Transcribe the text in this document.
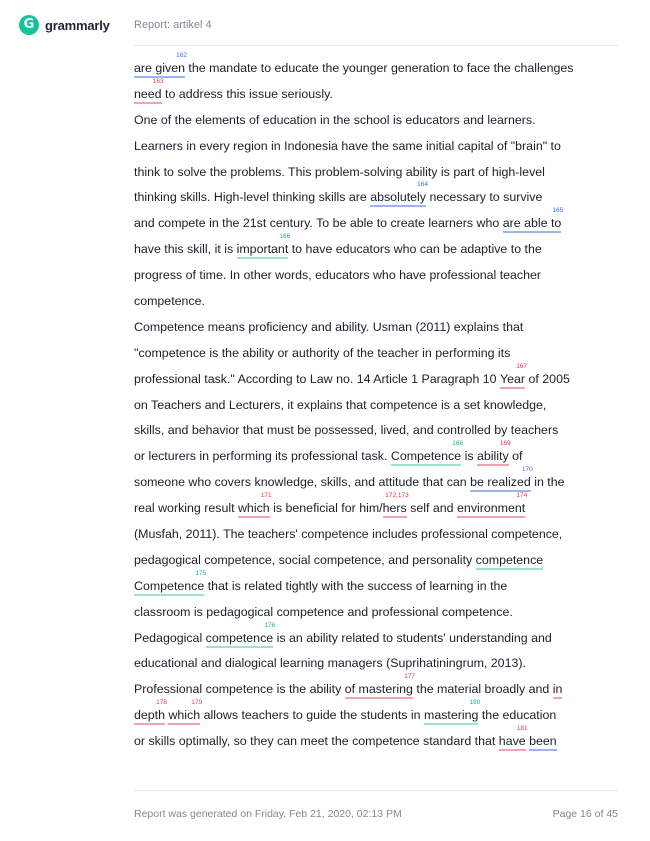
G
grammarly Report: artikel 4
are given
162
the mandate to educate the younger generation to face the challenges
need
163
to address this issue seriously.
One of the elements of education in the school is educators and learners.
Learners in every region in Indonesia have the same initial capital of "brain" to
think to solve the problems. This problem-solving ability is part of high-level
thinking skills. High-level thinking skills are absolutely
164
necessary to survive
and compete in the 21st century. To be able to create learners who are able to
165
have this skill, it is important
166
to have educators who can be adaptive to the
progress of time. In other words, educators who have professional teacher
competence.
Competence means proficiency and ability. Usman (2011) explains that
"competence is the ability or authority of the teacher in performing its
professional task." According to Law no. 14 Article 1 Paragraph 10 Year
167
of 2005
on Teachers and Lecturers, it explains that competence is a set knowledge,
skills, and behavior that must be possessed, lived, and controlled by teachers
or lecturers in performing its professional task. Competence
168
is ability
169
of
someone who covers knowledge, skills, and attitude that can be realized
170
in the
real working result which
171
is beneficial for him/hers
172,173
self and environment
174
(Musfah, 2011). The teachers' competence includes professional competence,
pedagogical competence, social competence, and personality competence
Competence
175
that is related tightly with the success of learning in the
classroom is pedagogical competence and professional competence.
Pedagogical competence
176
is an ability related to students' understanding and
educational and dialogical learning managers (Suprihatiningrum, 2013).
Professional competence is the ability of mastering
177
the material broadly and in
depth
178
which
179
allows teachers to guide the students in mastering
180
the education
or skills optimally, so they can meet the competence standard that have
181
been
Report was generated on Friday, Feb 21, 2020, 02:13 PM	Page 16 of 45
